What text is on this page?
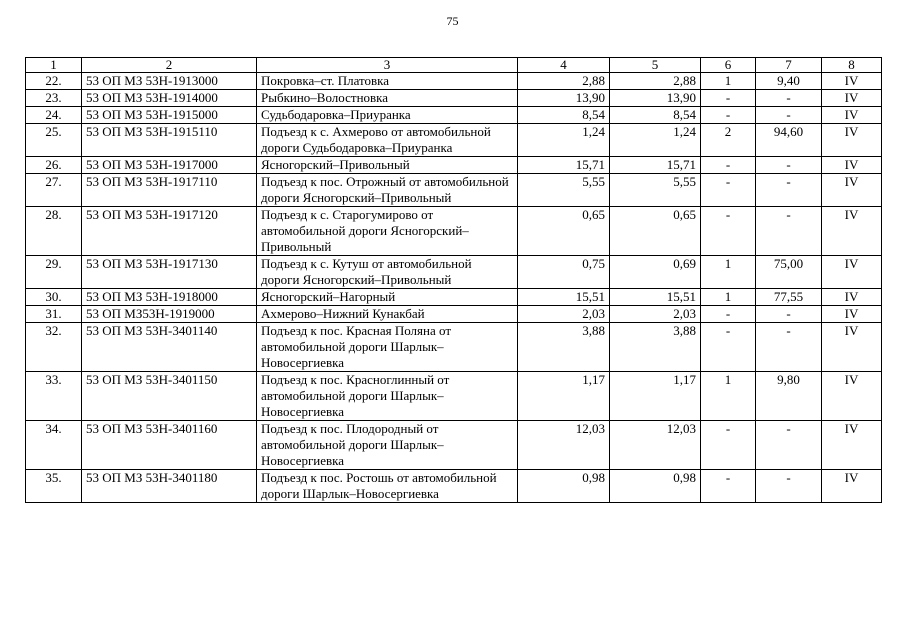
75
1	2	3	4	5	6	7	8
22.	53 ОП МЗ 53Н-1913000	Покровка–ст. Платовка	2,88	2,88	1	9,40	IV
23.	53 ОП МЗ 53Н-1914000	Рыбкино–Волостновка	13,90	13,90	-	-	IV
24.	53 ОП МЗ 53Н-1915000	Судьбодаровка–Приуранка	8,54	8,54	-	-	IV
25.	53 ОП МЗ 53Н-1915110	Подъезд к с. Ахмерово от автомобильной дороги Судьбодаровка–Приуранка	1,24	1,24	2	94,60	IV
26.	53 ОП МЗ 53Н-1917000	Ясногорский–Привольный	15,71	15,71	-	-	IV
27.	53 ОП МЗ 53Н-1917110	Подъезд к пос. Отрожный от автомобильной дороги Ясногорский–Привольный	5,55	5,55	-	-	IV
28.	53 ОП МЗ 53Н-1917120	Подъезд к с. Старогумирово от автомобильной дороги Ясногорский–Привольный	0,65	0,65	-	-	IV
29.	53 ОП МЗ 53Н-1917130	Подъезд к с. Кутуш от автомобильной дороги Ясногорский–Привольный	0,75	0,69	1	75,00	IV
30.	53 ОП МЗ 53Н-1918000	Ясногорский–Нагорный	15,51	15,51	1	77,55	IV
31.	53 ОП МЗ53Н-1919000	Ахмерово–Нижний Кунакбай	2,03	2,03	-	-	IV
32.	53 ОП МЗ 53Н-3401140	Подъезд к пос. Красная Поляна от автомобильной дороги Шарлык–Новосергиевка	3,88	3,88	-	-	IV
33.	53 ОП МЗ 53Н-3401150	Подъезд к пос. Красноглинный от автомобильной дороги Шарлык–Новосергиевка	1,17	1,17	1	9,80	IV
34.	53 ОП МЗ 53Н-3401160	Подъезд к пос. Плодородный от автомобильной дороги Шарлык–Новосергиевка	12,03	12,03	-	-	IV
35.	53 ОП МЗ 53Н-3401180	Подъезд к пос. Ростошь от автомобильной дороги Шарлык–Новосергиевка	0,98	0,98	-	-	IV
